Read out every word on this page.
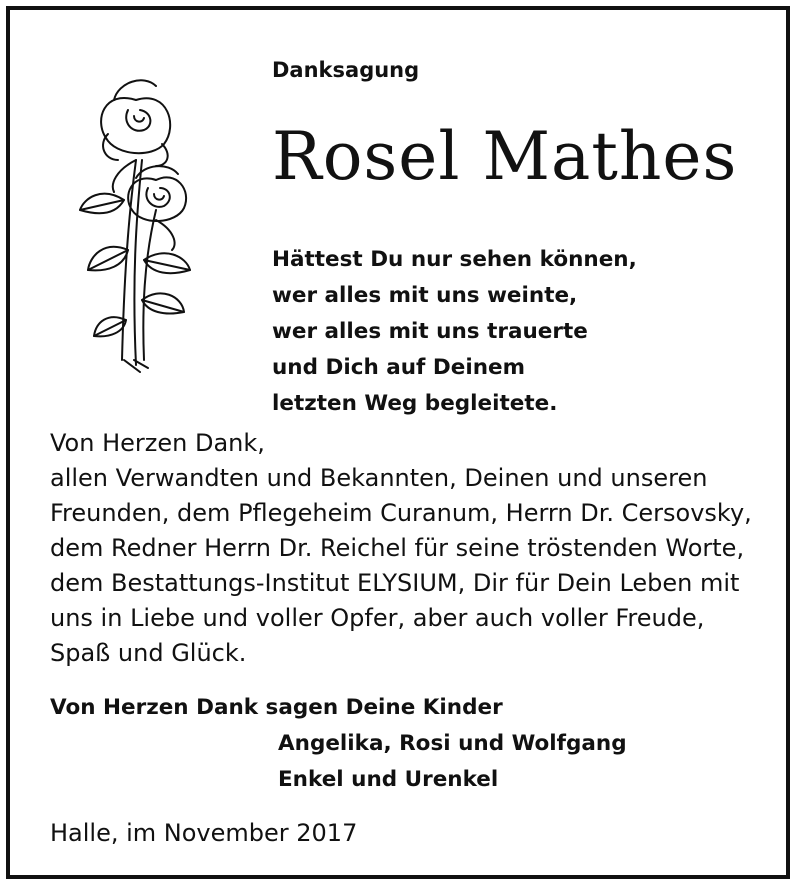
Danksagung
Rosel Mathes
Hättest Du nur sehen können,
wer alles mit uns weinte,
wer alles mit uns trauerte
und Dich auf Deinem
letzten Weg begleitete.
Von Herzen Dank,
allen Verwandten und Bekannten, Deinen und unseren
Freunden, dem Pflegeheim Curanum, Herrn Dr. Cersovsky,
dem Redner Herrn Dr. Reichel für seine tröstenden Worte,
dem Bestattungs-Institut ELYSIUM, Dir für Dein Leben mit
uns in Liebe und voller Opfer, aber auch voller Freude,
Spaß und Glück.
Von Herzen Dank sagen Deine Kinder
Angelika, Rosi und Wolfgang
Enkel und Urenkel
Halle, im November 2017
